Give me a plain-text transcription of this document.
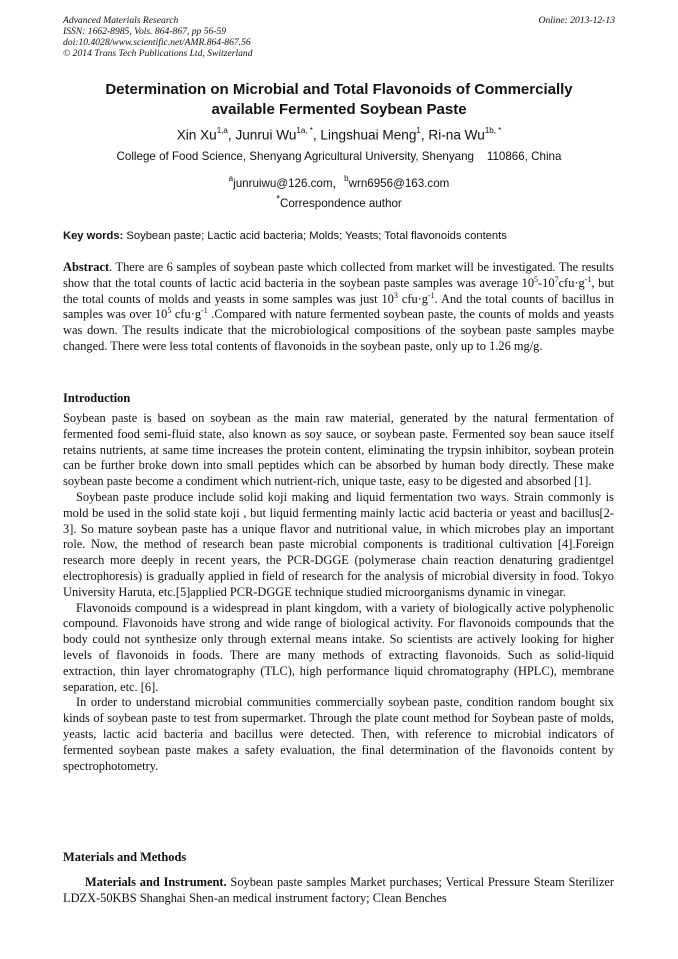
Advanced Materials Research
ISSN: 1662-8985, Vols. 864-867, pp 56-59
doi:10.4028/www.scientific.net/AMR.864-867.56
© 2014 Trans Tech Publications Ltd, Switzerland
Online: 2013-12-13
Determination on Microbial and Total Flavonoids of Commercially
available Fermented Soybean Paste
Xin Xu$^{1,a}$, Junrui $Wu^{1a, *}$, Lingshuai Meng$^1$, Ri-na $Wu^{1b, *}$
College of Food Science, Shenyang Agricultural University, Shenyang    110866, China
$^a$junruiwu@126.com，$^b$wrn6956@163.com
*Correspondence author
Key words: Soybean paste; Lactic acid bacteria; Molds; Yeasts; Total flavonoids contents

Abstract. There are 6 samples of soybean paste which collected from market will be investigated. The results show that the total counts of lactic acid bacteria in the soybean paste samples was average $10^5-10^7cfu\cdot g^{-1}$, but the total counts of molds and yeasts in some samples was just $10^3$ $cfu\cdot g^{-1}$. And the total counts of bacillus in samples was over $10^5$ $cfu\cdot g^{-1}$ .Compared with nature fermented soybean paste, the counts of molds and yeasts was down. The results indicate that the microbiological compositions of the soybean paste samples maybe changed. There were less total contents of flavonoids in the soybean paste, only up to 1.26 mg/g.

Introduction

Soybean paste is based on soybean as the main raw material, generated by the natural fermentation of fermented food semi-fluid state, also known as soy sauce, or soybean paste. Fermented soy bean sauce itself retains nutrients, at same time increases the protein content, eliminating the trypsin inhibitor, soybean protein can be further broke down into small peptides which can be absorbed by human body directly. These make soybean paste become a condiment which nutrient-rich, unique taste, easy to be digested and absorbed [1].

Soybean paste produce include solid koji making and liquid fermentation two ways. Strain commonly is mold be used in the solid state koji , but liquid fermenting mainly lactic acid bacteria or yeast and bacillus[2-3]. So mature soybean paste has a unique flavor and nutritional value, in which microbes play an important role. Now, the method of research bean paste microbial components is traditional cultivation [4].Foreign research more deeply in recent years, the PCR-DGGE (polymerase chain reaction denaturing gradientgel electrophoresis) is gradually applied in field of research for the analysis of microbial diversity in food. Tokyo University Haruta, etc.[5]applied PCR-DGGE technique studied microorganisms dynamic in vinegar.

Flavonoids compound is a widespread in plant kingdom, with a variety of biologically active polyphenolic compound. Flavonoids have strong and wide range of biological activity. For flavonoids compounds that the body could not synthesize only through external means intake. So scientists are actively looking for higher levels of flavonoids in foods. There are many methods of extracting flavonoids. Such as solid-liquid extraction, thin layer chromatography (TLC), high performance liquid chromatography (HPLC), membrane separation, etc. [6].

In order to understand microbial communities commercially soybean paste, condition random bought six kinds of soybean paste to test from supermarket. Through the plate count method for Soybean paste of molds, yeasts, lactic acid bacteria and bacillus were detected. Then, with reference to microbial indicators of fermented soybean paste makes a safety evaluation, the final determination of the flavonoids content by spectrophotometry.

Materials and Methods

Materials and Instrument. Soybean paste samples Market purchases; Vertical Pressure Steam Sterilizer LDZX-50KBS Shanghai Shen-an medical instrument factory; Clean Benches
